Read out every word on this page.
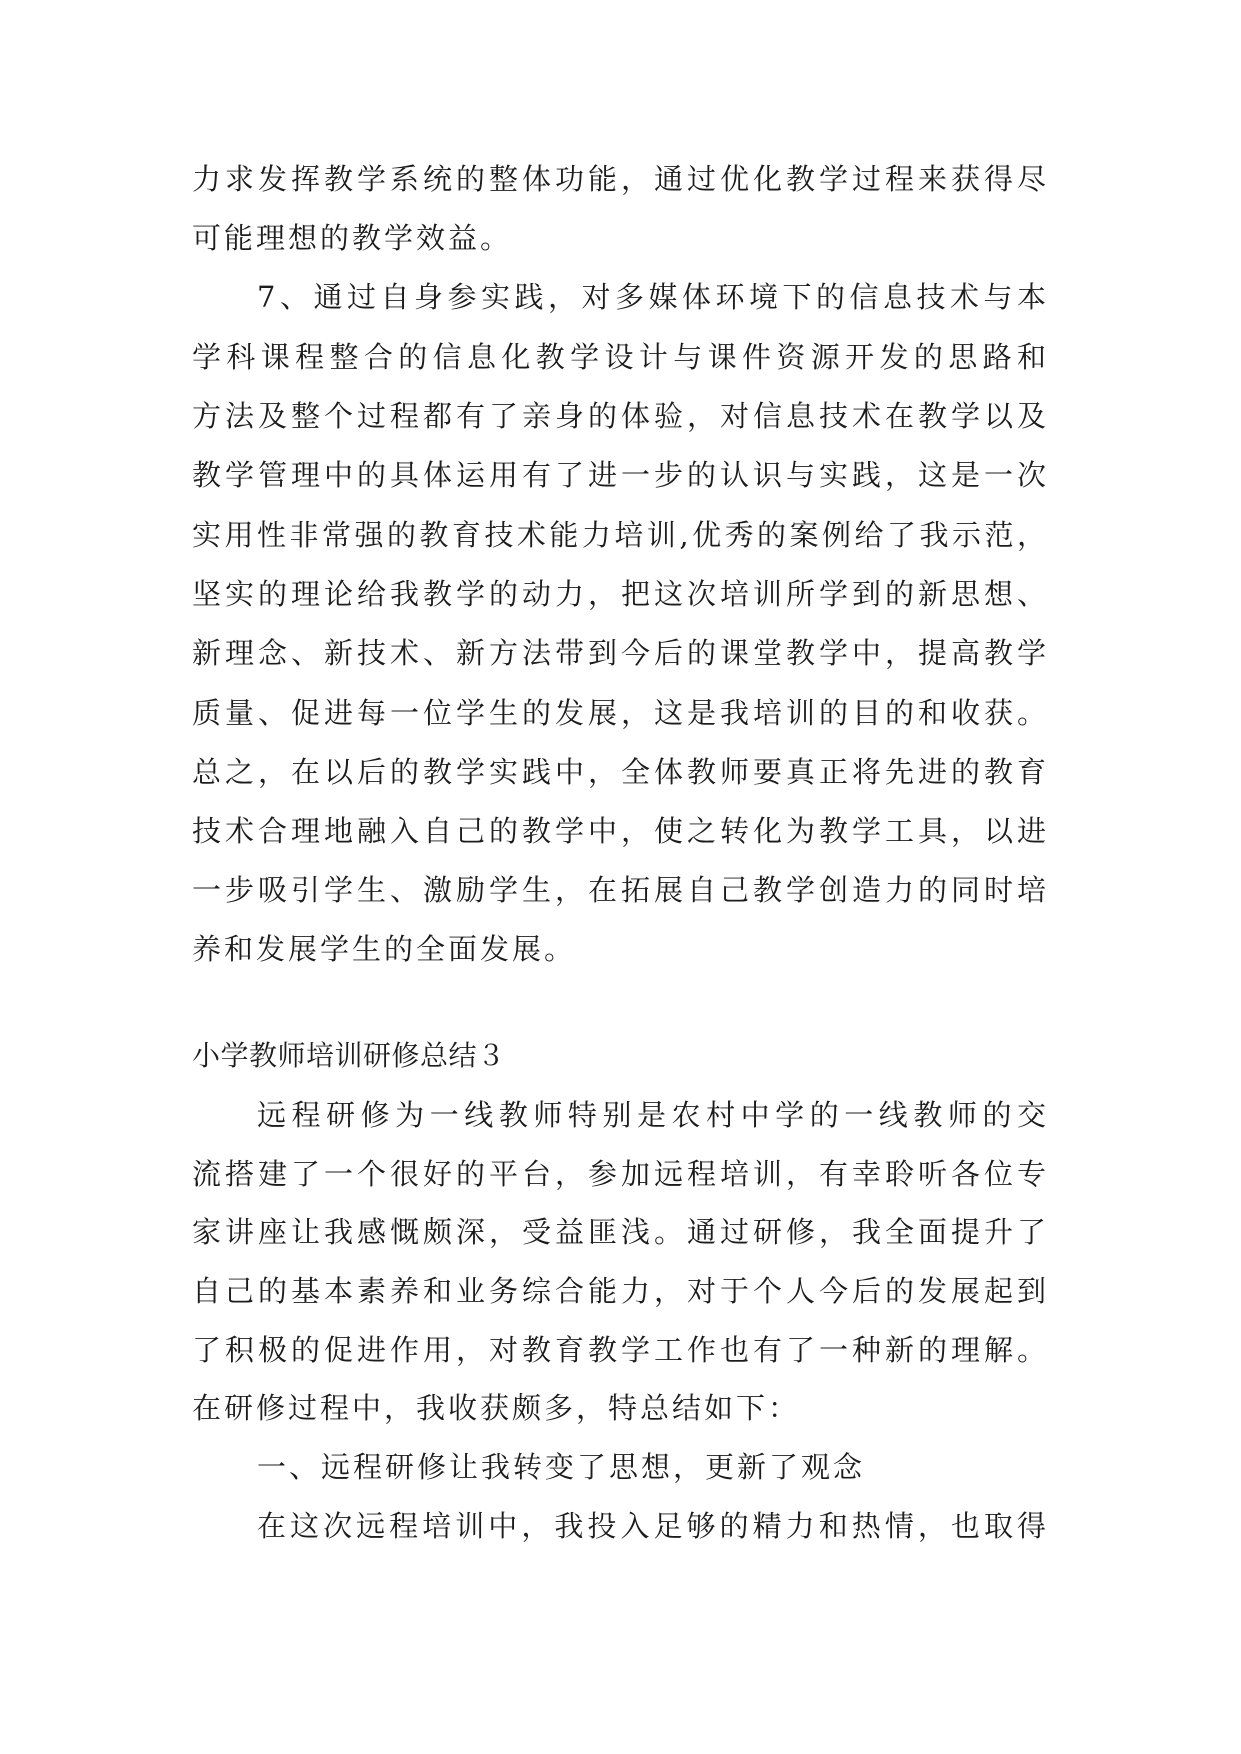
力求发挥教学系统的整体功能，通过优化教学过程来获得尽
可能理想的教学效益。
7、通过自身参实践，对多媒体环境下的信息技术与本
学科课程整合的信息化教学设计与课件资源开发的思路和
方法及整个过程都有了亲身的体验，对信息技术在教学以及
教学管理中的具体运用有了进一步的认识与实践，这是一次
实用性非常强的教育技术能力培训,优秀的案例给了我示范，
坚实的理论给我教学的动力，把这次培训所学到的新思想、
新理念、新技术、新方法带到今后的课堂教学中，提高教学
质量、促进每一位学生的发展，这是我培训的目的和收获。
总之，在以后的教学实践中，全体教师要真正将先进的教育
技术合理地融入自己的教学中，使之转化为教学工具，以进
一步吸引学生、激励学生，在拓展自己教学创造力的同时培
养和发展学生的全面发展。
小学教师培训研修总结３
远程研修为一线教师特别是农村中学的一线教师的交
流搭建了一个很好的平台，参加远程培训，有幸聆听各位专
家讲座让我感慨颇深，受益匪浅。通过研修，我全面提升了
自己的基本素养和业务综合能力，对于个人今后的发展起到
了积极的促进作用，对教育教学工作也有了一种新的理解。
在研修过程中，我收获颇多，特总结如下：
一、远程研修让我转变了思想，更新了观念
在这次远程培训中，我投入足够的精力和热情，也取得
